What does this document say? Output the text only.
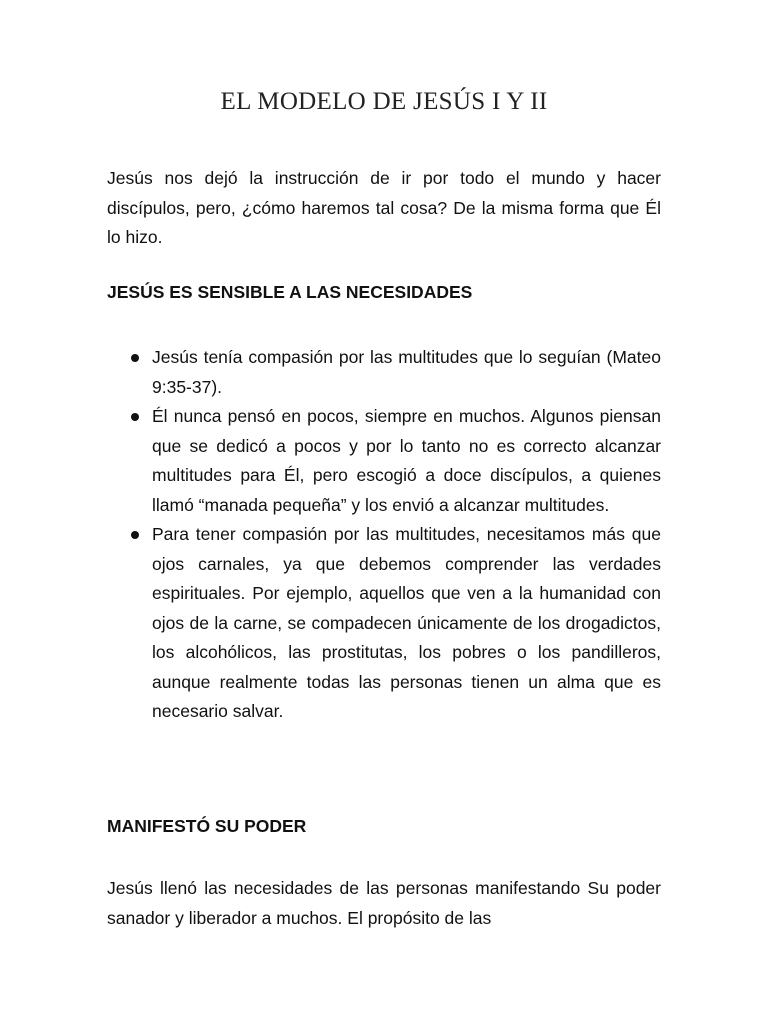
EL MODELO DE JESÚS I Y II

Jesús nos dejó la instrucción de ir por todo el mundo y hacer discípulos, pero, ¿cómo haremos tal cosa? De la misma forma que Él lo hizo.

JESÚS ES SENSIBLE A LAS NECESIDADES

Jesús tenía compasión por las multitudes que lo seguían (Mateo 9:35-37).

Él nunca pensó en pocos, siempre en muchos. Algunos piensan que se dedicó a pocos y por lo tanto no es correcto alcanzar multitudes para Él, pero escogió a doce discípulos, a quienes llamó “manada pequeña” y los envió a alcanzar multitudes.

Para tener compasión por las multitudes, necesitamos más que ojos carnales, ya que debemos comprender las verdades espirituales. Por ejemplo, aquellos que ven a la humanidad con ojos de la carne, se compadecen únicamente de los drogadictos, los alcohólicos, las prostitutas, los pobres o los pandilleros, aunque realmente todas las personas tienen un alma que es necesario salvar.

MANIFESTÓ SU PODER

Jesús llenó las necesidades de las personas manifestando Su poder sanador y liberador a muchos. El propósito de las
